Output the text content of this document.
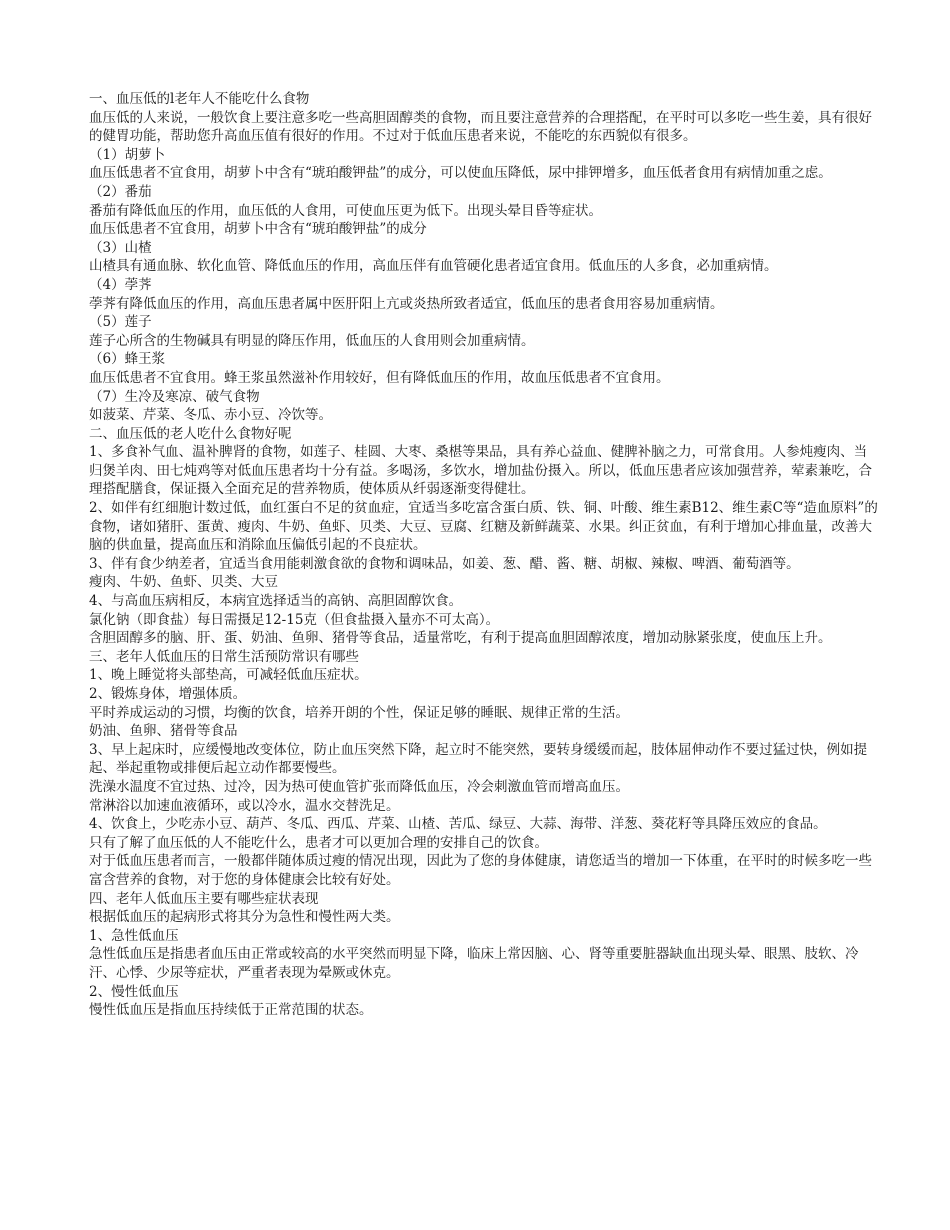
一、血压低的l老年人不能吃什么食物

血压低的人来说，一般饮食上要注意多吃一些高胆固醇类的食物，而且要注意营养的合理搭配，在平时可以多吃一些生姜，具有很好的健胃功能，帮助您升高血压值有很好的作用。不过对于低血压患者来说，不能吃的东西貌似有很多。

（1）胡萝卜

血压低患者不宜食用，胡萝卜中含有“琥珀酸钾盐”的成分，可以使血压降低，尿中排钾增多，血压低者食用有病情加重之虑。

（2）番茄

番茄有降低血压的作用，血压低的人食用，可使血压更为低下。出现头晕目昏等症状。

血压低患者不宜食用，胡萝卜中含有“琥珀酸钾盐”的成分

（3）山楂

山楂具有通血脉、软化血管、降低血压的作用，高血压伴有血管硬化患者适宜食用。低血压的人多食，必加重病情。

（4）荸荠

荸荠有降低血压的作用，高血压患者属中医肝阳上亢或炎热所致者适宜，低血压的患者食用容易加重病情。

（5）莲子

莲子心所含的生物碱具有明显的降压作用，低血压的人食用则会加重病情。

（6）蜂王浆

血压低患者不宜食用。蜂王浆虽然滋补作用较好，但有降低血压的作用，故血压低患者不宜食用。

（7）生冷及寒凉、破气食物

如菠菜、芹菜、冬瓜、赤小豆、冷饮等。

二、血压低的老人吃什么食物好呢

1、多食补气血、温补脾肾的食物，如莲子、桂圆、大枣、桑椹等果品，具有养心益血、健脾补脑之力，可常食用。人参炖瘦肉、当归煲羊肉、田七炖鸡等对低血压患者均十分有益。多喝汤，多饮水，增加盐份摄入。所以，低血压患者应该加强营养，荤素兼吃，合理搭配膳食，保证摄入全面充足的营养物质，使体质从纤弱逐渐变得健壮。

2、如伴有红细胞计数过低，血红蛋白不足的贫血症，宜适当多吃富含蛋白质、铁、铜、叶酸、维生素B12、维生素C等“造血原料”的食物，诸如猪肝、蛋黄、瘦肉、牛奶、鱼虾、贝类、大豆、豆腐、红糖及新鲜蔬菜、水果。纠正贫血，有利于增加心排血量，改善大脑的供血量，提高血压和消除血压偏低引起的不良症状。

3、伴有食少纳差者，宜适当食用能刺激食欲的食物和调味品，如姜、葱、醋、酱、糖、胡椒、辣椒、啤酒、葡萄酒等。

瘦肉、牛奶、鱼虾、贝类、大豆

4、与高血压病相反，本病宜选择适当的高钠、高胆固醇饮食。

氯化钠（即食盐）每日需摄足12-15克（但食盐摄入量亦不可太高）。

含胆固醇多的脑、肝、蛋、奶油、鱼卵、猪骨等食品，适量常吃，有利于提高血胆固醇浓度，增加动脉紧张度，使血压上升。

三、老年人低血压的日常生活预防常识有哪些

1、晚上睡觉将头部垫高，可减轻低血压症状。

2、锻炼身体，增强体质。

平时养成运动的习惯，均衡的饮食，培养开朗的个性，保证足够的睡眠、规律正常的生活。

奶油、鱼卵、猪骨等食品

3、早上起床时，应缓慢地改变体位，防止血压突然下降，起立时不能突然，要转身缓缓而起，肢体屈伸动作不要过猛过快，例如提起、举起重物或排便后起立动作都要慢些。

洗澡水温度不宜过热、过冷，因为热可使血管扩张而降低血压，冷会刺激血管而增高血压。

常淋浴以加速血液循环，或以冷水，温水交替洗足。

4、饮食上，少吃赤小豆、葫芦、冬瓜、西瓜、芹菜、山楂、苦瓜、绿豆、大蒜、海带、洋葱、葵花籽等具降压效应的食品。

只有了解了血压低的人不能吃什么，患者才可以更加合理的安排自己的饮食。

对于低血压患者而言，一般都伴随体质过瘦的情况出现，因此为了您的身体健康，请您适当的增加一下体重，在平时的时候多吃一些富含营养的食物，对于您的身体健康会比较有好处。

四、老年人低血压主要有哪些症状表现

根据低血压的起病形式将其分为急性和慢性两大类。

1、急性低血压

急性低血压是指患者血压由正常或较高的水平突然而明显下降，临床上常因脑、心、肾等重要脏器缺血出现头晕、眼黑、肢软、冷汗、心悸、少尿等症状，严重者表现为晕厥或休克。

2、慢性低血压

慢性低血压是指血压持续低于正常范围的状态。
